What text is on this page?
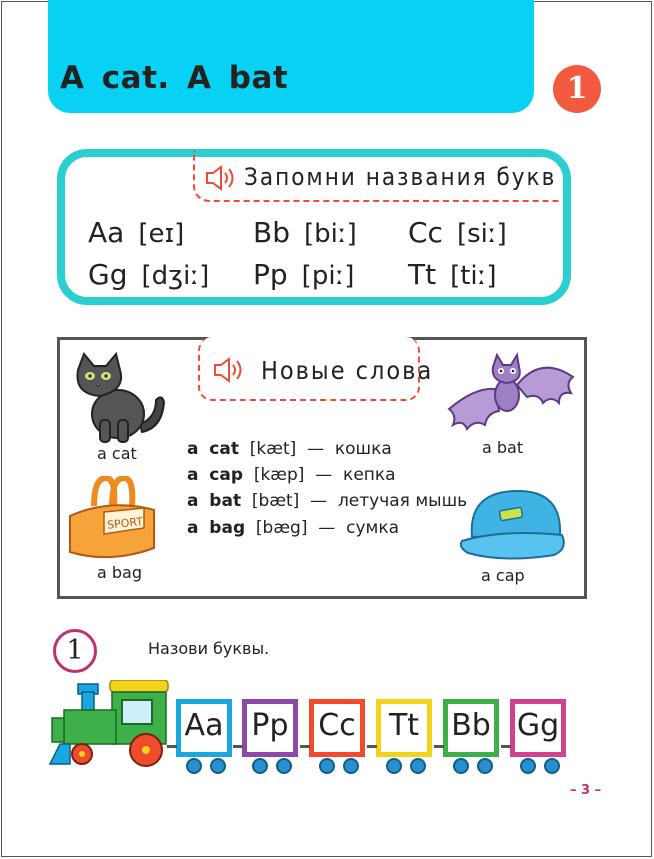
A cat. A bat	1
Запомни названия букв
Aa [eɪ] Bb [biː] Cc [siː]
Gg [dʒiː] Pp [piː] Tt [tiː]
Новые слова
a cat
SPORT
a bag
a bat
a cap
a cat [kæt]  —  кошка
a cap [kæp]  —  кепка
a bat [bæt]  —  летучая мышь
a bag [bæg]  —  сумка
1	Назови буквы.
Aa Pp Cc Tt Bb Gg
– 3 –
